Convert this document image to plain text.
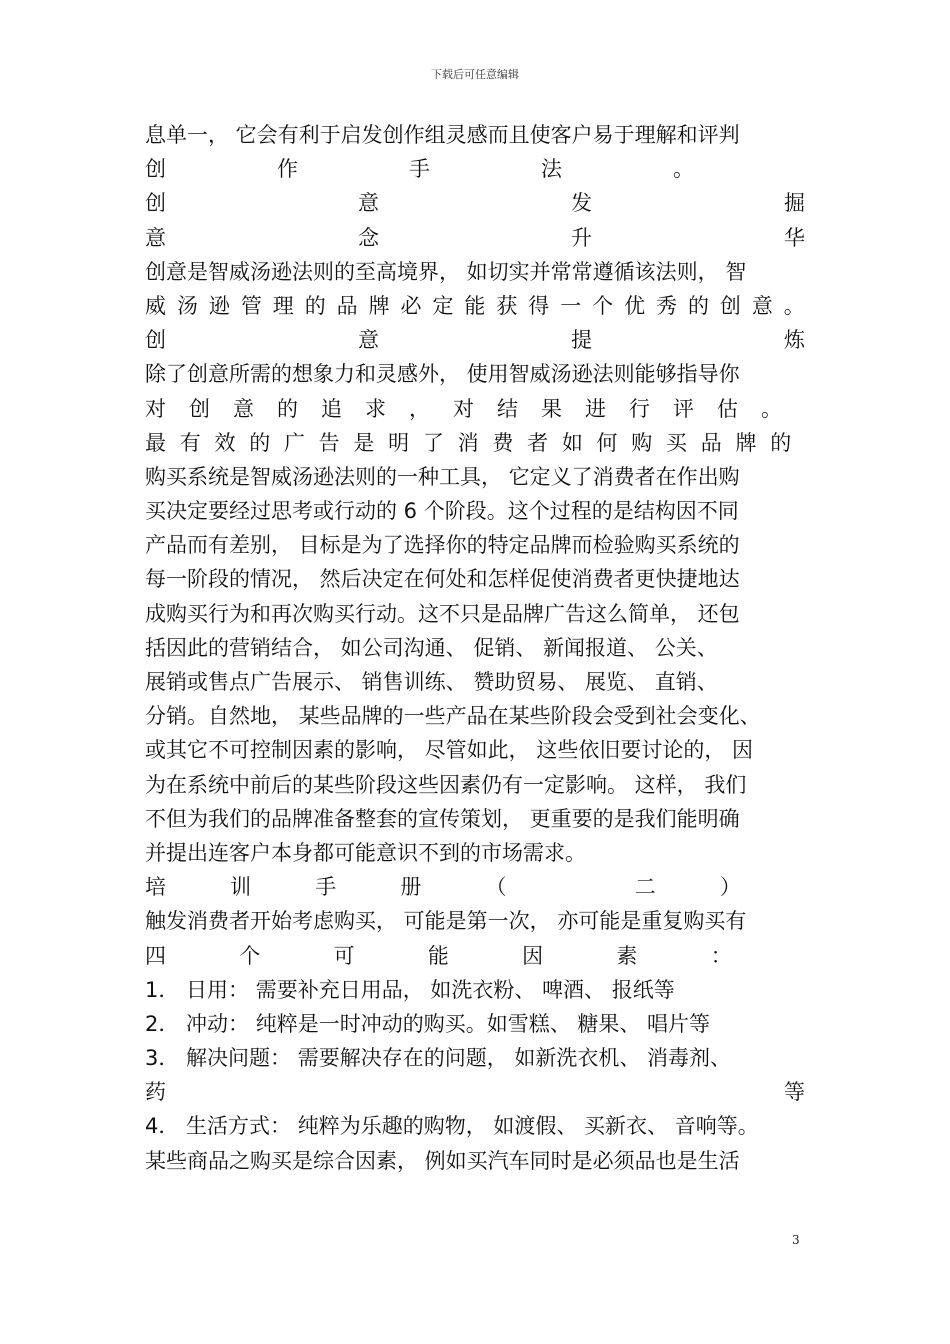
下载后可任意编辑
息单一， 它会有利于启发创作组灵感而且使客户易于理解和评判
创	作	手	法	。
创	意	发	掘
意	念	升	华
创意是智威汤逊法则的至高境界， 如切实并常常遵循该法则， 智
威 汤 逊 管 理 的 品 牌 必 定 能 获 得 一 个 优 秀 的 创 意 。
创	意	提	炼
除了创意所需的想象力和灵感外， 使用智威汤逊法则能够指导你
对 创 意 的 追 求 ， 对 结 果 进 行 评 估 。
最 有 效 的 广 告 是 明 了 消 费 者 如 何 购 买 品 牌 的
购买系统是智威汤逊法则的一种工具， 它定义了消费者在作出购
买决定要经过思考或行动的 6 个阶段。这个过程的是结构因不同
产品而有差别， 目标是为了选择你的特定品牌而检验购买系统的
每一阶段的情况， 然后决定在何处和怎样促使消费者更快捷地达
成购买行为和再次购买行动。这不只是品牌广告这么简单， 还包
括因此的营销结合， 如公司沟通、 促销、 新闻报道、 公关、
展销或售点广告展示、 销售训练、 赞助贸易、 展览、 直销、
分销。自然地， 某些品牌的一些产品在某些阶段会受到社会变化、
或其它不可控制因素的影响， 尽管如此， 这些依旧要讨论的， 因
为在系统中前后的某些阶段这些因素仍有一定影响。 这样， 我们
不但为我们的品牌准备整套的宣传策划， 更重要的是我们能明确
并提出连客户本身都可能意识不到的市场需求。
培	训	手	册	（	二	）
触发消费者开始考虑购买， 可能是第一次， 亦可能是重复购买有
四	个	可	能	因	素	：
1． 日用： 需要补充日用品， 如洗衣粉、 啤酒、 报纸等
2． 冲动： 纯粹是一时冲动的购买。如雪糕、 糖果、 唱片等
3． 解决问题： 需要解决存在的问题， 如新洗衣机、 消毒剂、
药	等
4． 生活方式： 纯粹为乐趣的购物， 如渡假、 买新衣、 音响等。
某些商品之购买是综合因素， 例如买汽车同时是必须品也是生活
3
